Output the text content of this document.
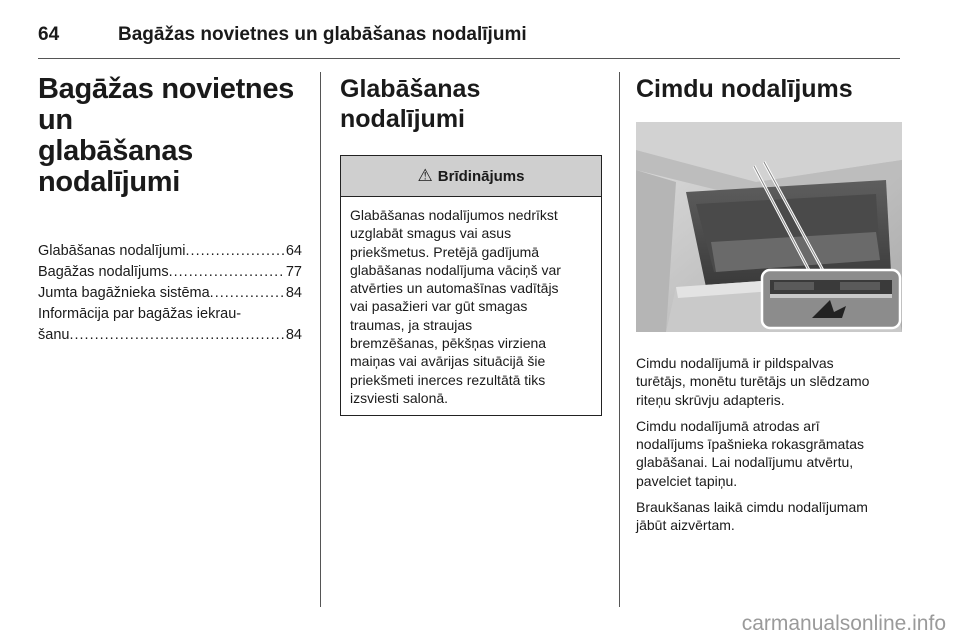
64	Bagāžas novietnes un glabāšanas nodalījumi
Bagāžas novietnes un
glabāšanas nodalījumi
Glabāšanas nodalījumi .....	64
Bagāžas nodalījums .....	77
Jumta bagāžnieka sistēma .....	84
Informācija par bagāžas iekrau-
šanu .....	84
Glabāšanas nodalījumi
⚠ Brīdinājums
Glabāšanas nodalījumos nedrīkst
uzglabāt smagus vai asus
priekšmetus. Pretējā gadījumā
glabāšanas nodalījuma vāciņš var
atvērties un automašīnas vadītājs
vai pasažieri var gūt smagas
traumas, ja straujas
bremzēšanas, pēkšņas virziena
maiņas vai avārijas situācijā šie
priekšmeti inerces rezultātā tiks
izsviesti salonā.
Cimdu nodalījums

Cimdu nodalījumā ir pildspalvas
turētājs, monētu turētājs un slēdzamo
riteņu skrūvju adapteris.

Cimdu nodalījumā atrodas arī
nodalījums īpašnieka rokasgrāmatas
glabāšanai. Lai nodalījumu atvērtu,
pavelciet tapiņu.

Braukšanas laikā cimdu nodalījumam
jābūt aizvērtam.

carmanualsonline.info
